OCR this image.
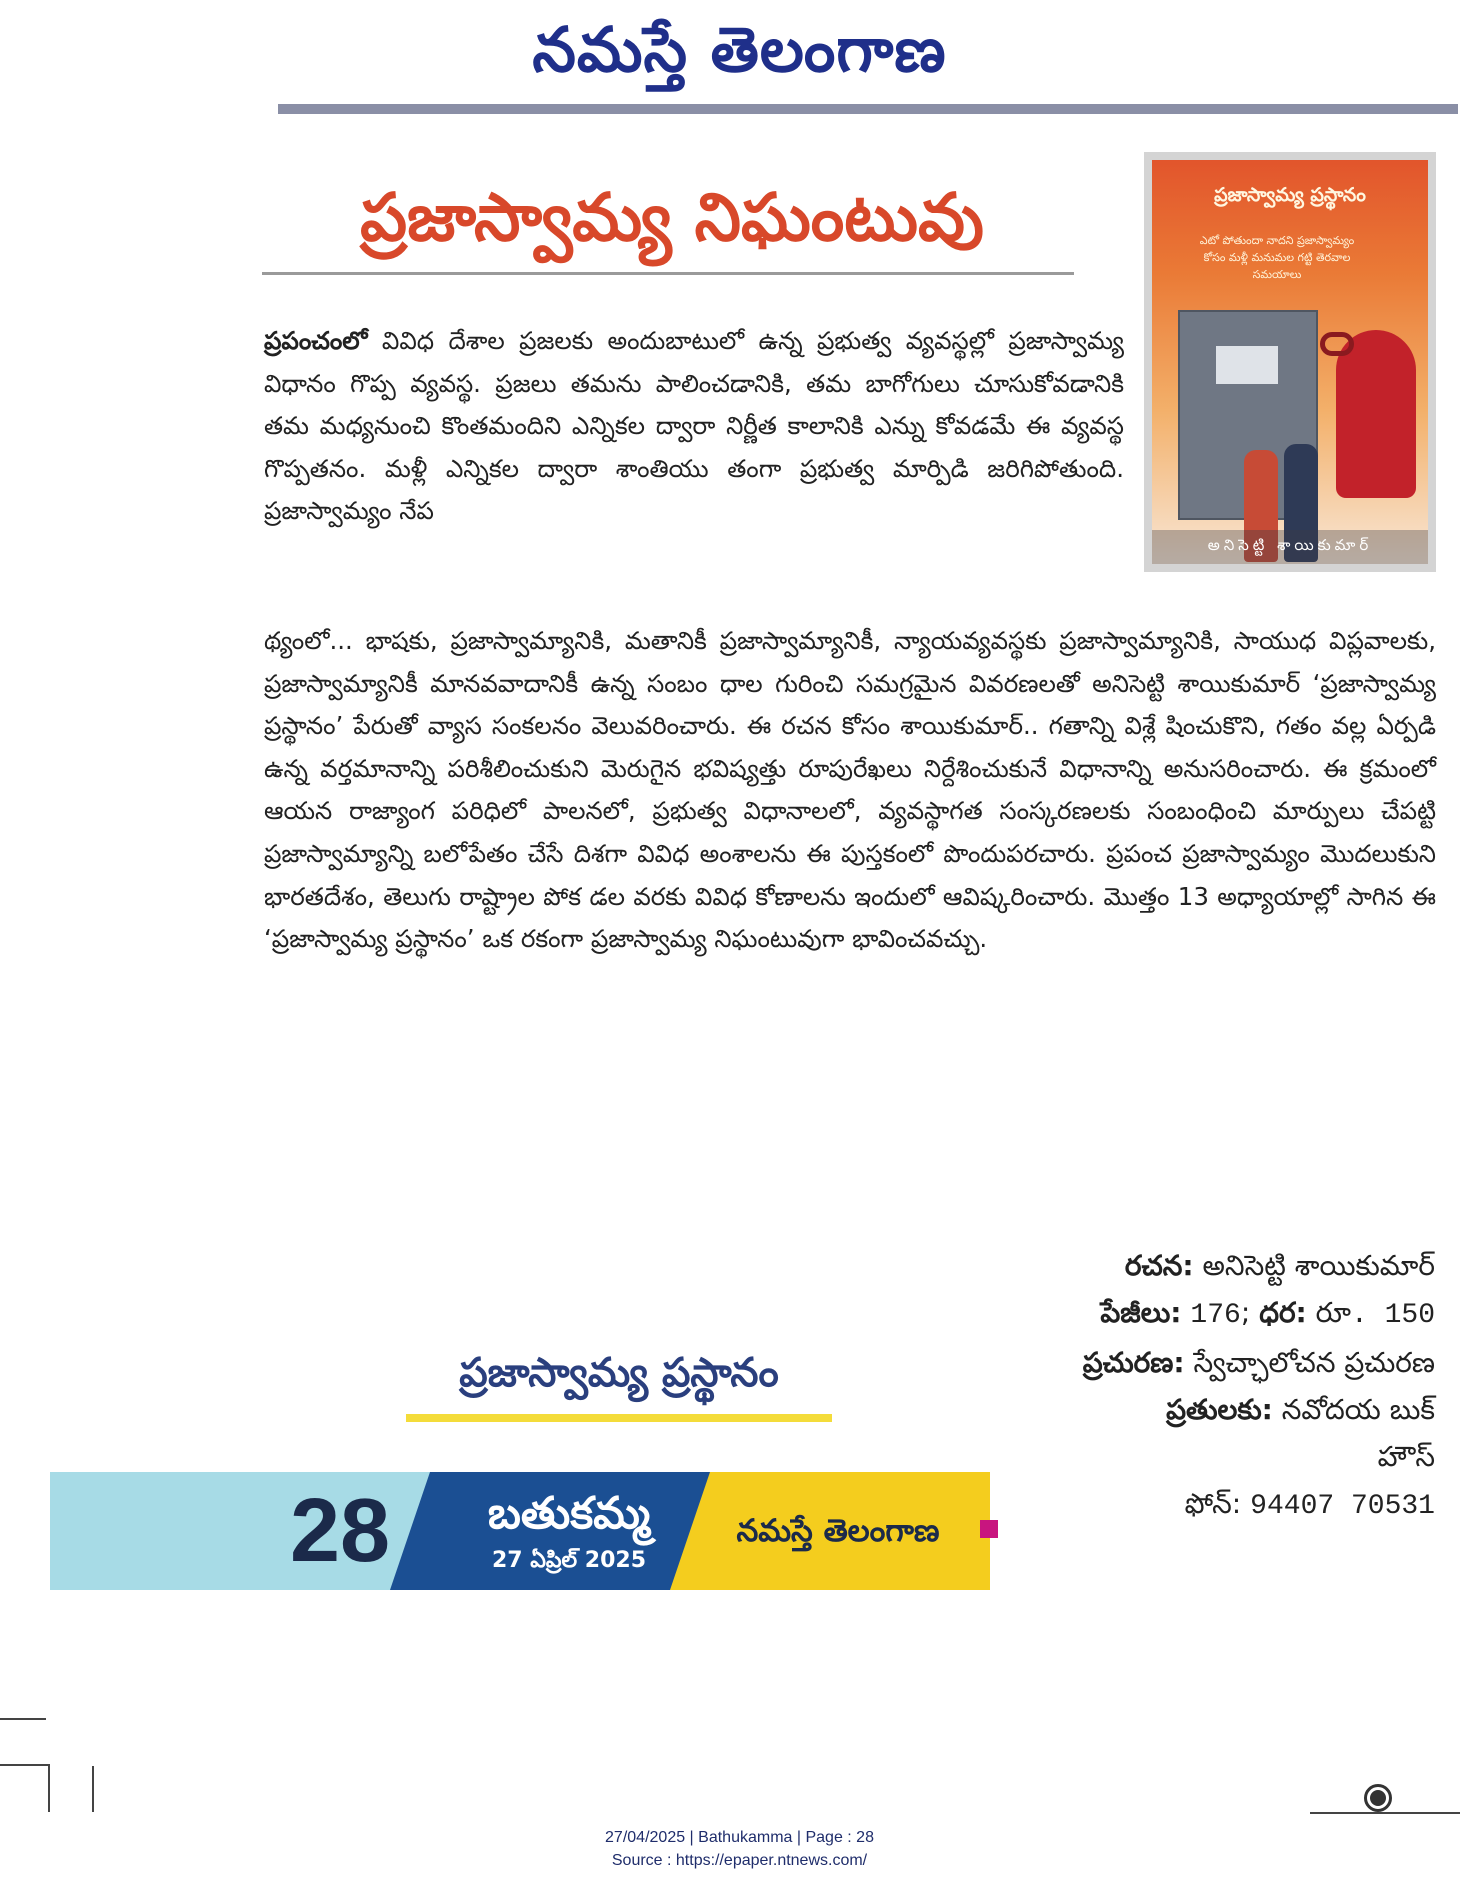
నమస్తే తెలంగాణ
ప్రజాస్వామ్య నిఘంటువు	ప్రజాస్వామ్య ప్రస్థానం
ఎటో పోతుందా నాదని ప్రజాస్వామ్యం కోసం మళ్లీ మనుమల గట్టి తెరవాల సమయాలు
అనిసెట్టి శాయికుమార్
ప్రపంచంలో వివిధ దేశాల ప్రజలకు అందుబాటులో ఉన్న ప్రభుత్వ వ్యవస్థల్లో ప్రజాస్వామ్య విధానం గొప్ప వ్యవస్థ. ప్రజలు తమను పాలించడానికి, తమ బాగోగులు చూసుకోవడానికి తమ మధ్యనుంచి కొంతమందిని ఎన్నికల ద్వారా నిర్ణీత కాలానికి ఎన్ను కోవడమే ఈ వ్యవస్థ గొప్పతనం. మళ్లీ ఎన్నికల ద్వారా శాంతియు తంగా ప్రభుత్వ మార్పిడి జరిగిపోతుంది. ప్రజాస్వామ్యం నేప
థ్యంలో... భాషకు, ప్రజాస్వామ్యానికి, మతానికీ ప్రజాస్వామ్యానికీ, న్యాయవ్యవస్థకు ప్రజాస్వామ్యానికి, సాయుధ విప్లవాలకు, ప్రజాస్వామ్యానికీ మానవవాదానికీ ఉన్న సంబం ధాల గురించి సమగ్రమైన వివరణలతో అనిసెట్టి శాయికుమార్ ‘ప్రజాస్వామ్య ప్రస్థానం’ పేరుతో వ్యాస సంకలనం వెలువరించారు. ఈ రచన కోసం శాయికుమార్.. గతాన్ని విశ్లే షించుకొని, గతం వల్ల ఏర్పడి ఉన్న వర్తమానాన్ని పరిశీలించుకుని మెరుగైన భవిష్యత్తు రూపురేఖలు నిర్దేశించుకునే విధానాన్ని అనుసరించారు. ఈ క్రమంలో ఆయన రాజ్యాంగ పరిధిలో పాలనలో, ప్రభుత్వ విధానాలలో, వ్యవస్థాగత సంస్కరణలకు సంబంధించి మార్పులు చేపట్టి ప్రజాస్వామ్యాన్ని బలోపేతం చేసే దిశగా వివిధ అంశాలను ఈ పుస్తకంలో పొందుపరచారు. ప్రపంచ ప్రజాస్వామ్యం మొదలుకుని భారతదేశం, తెలుగు రాష్ట్రాల పోక డల వరకు వివిధ కోణాలను ఇందులో ఆవిష్కరించారు. మొత్తం 13 అధ్యాయాల్లో సాగిన ఈ ‘ప్రజాస్వామ్య ప్రస్థానం’ ఒక రకంగా ప్రజాస్వామ్య నిఘంటువుగా భావించవచ్చు.
రచన: అనిసెట్టి శాయికుమార్
పేజీలు: 176; ధర: రూ. 150
ప్రచురణ: స్వేచ్ఛాలోచన ప్రచురణ
ప్రతులకు: నవోదయ బుక్
హౌస్
ఫోన్: 94407 70531
ప్రజాస్వామ్య ప్రస్థానం
28	బతుకమ్మ
27 ఏప్రిల్ 2025
నమస్తే తెలంగాణ
27/04/2025 | Bathukamma | Page : 28
Source : https://epaper.ntnews.com/
